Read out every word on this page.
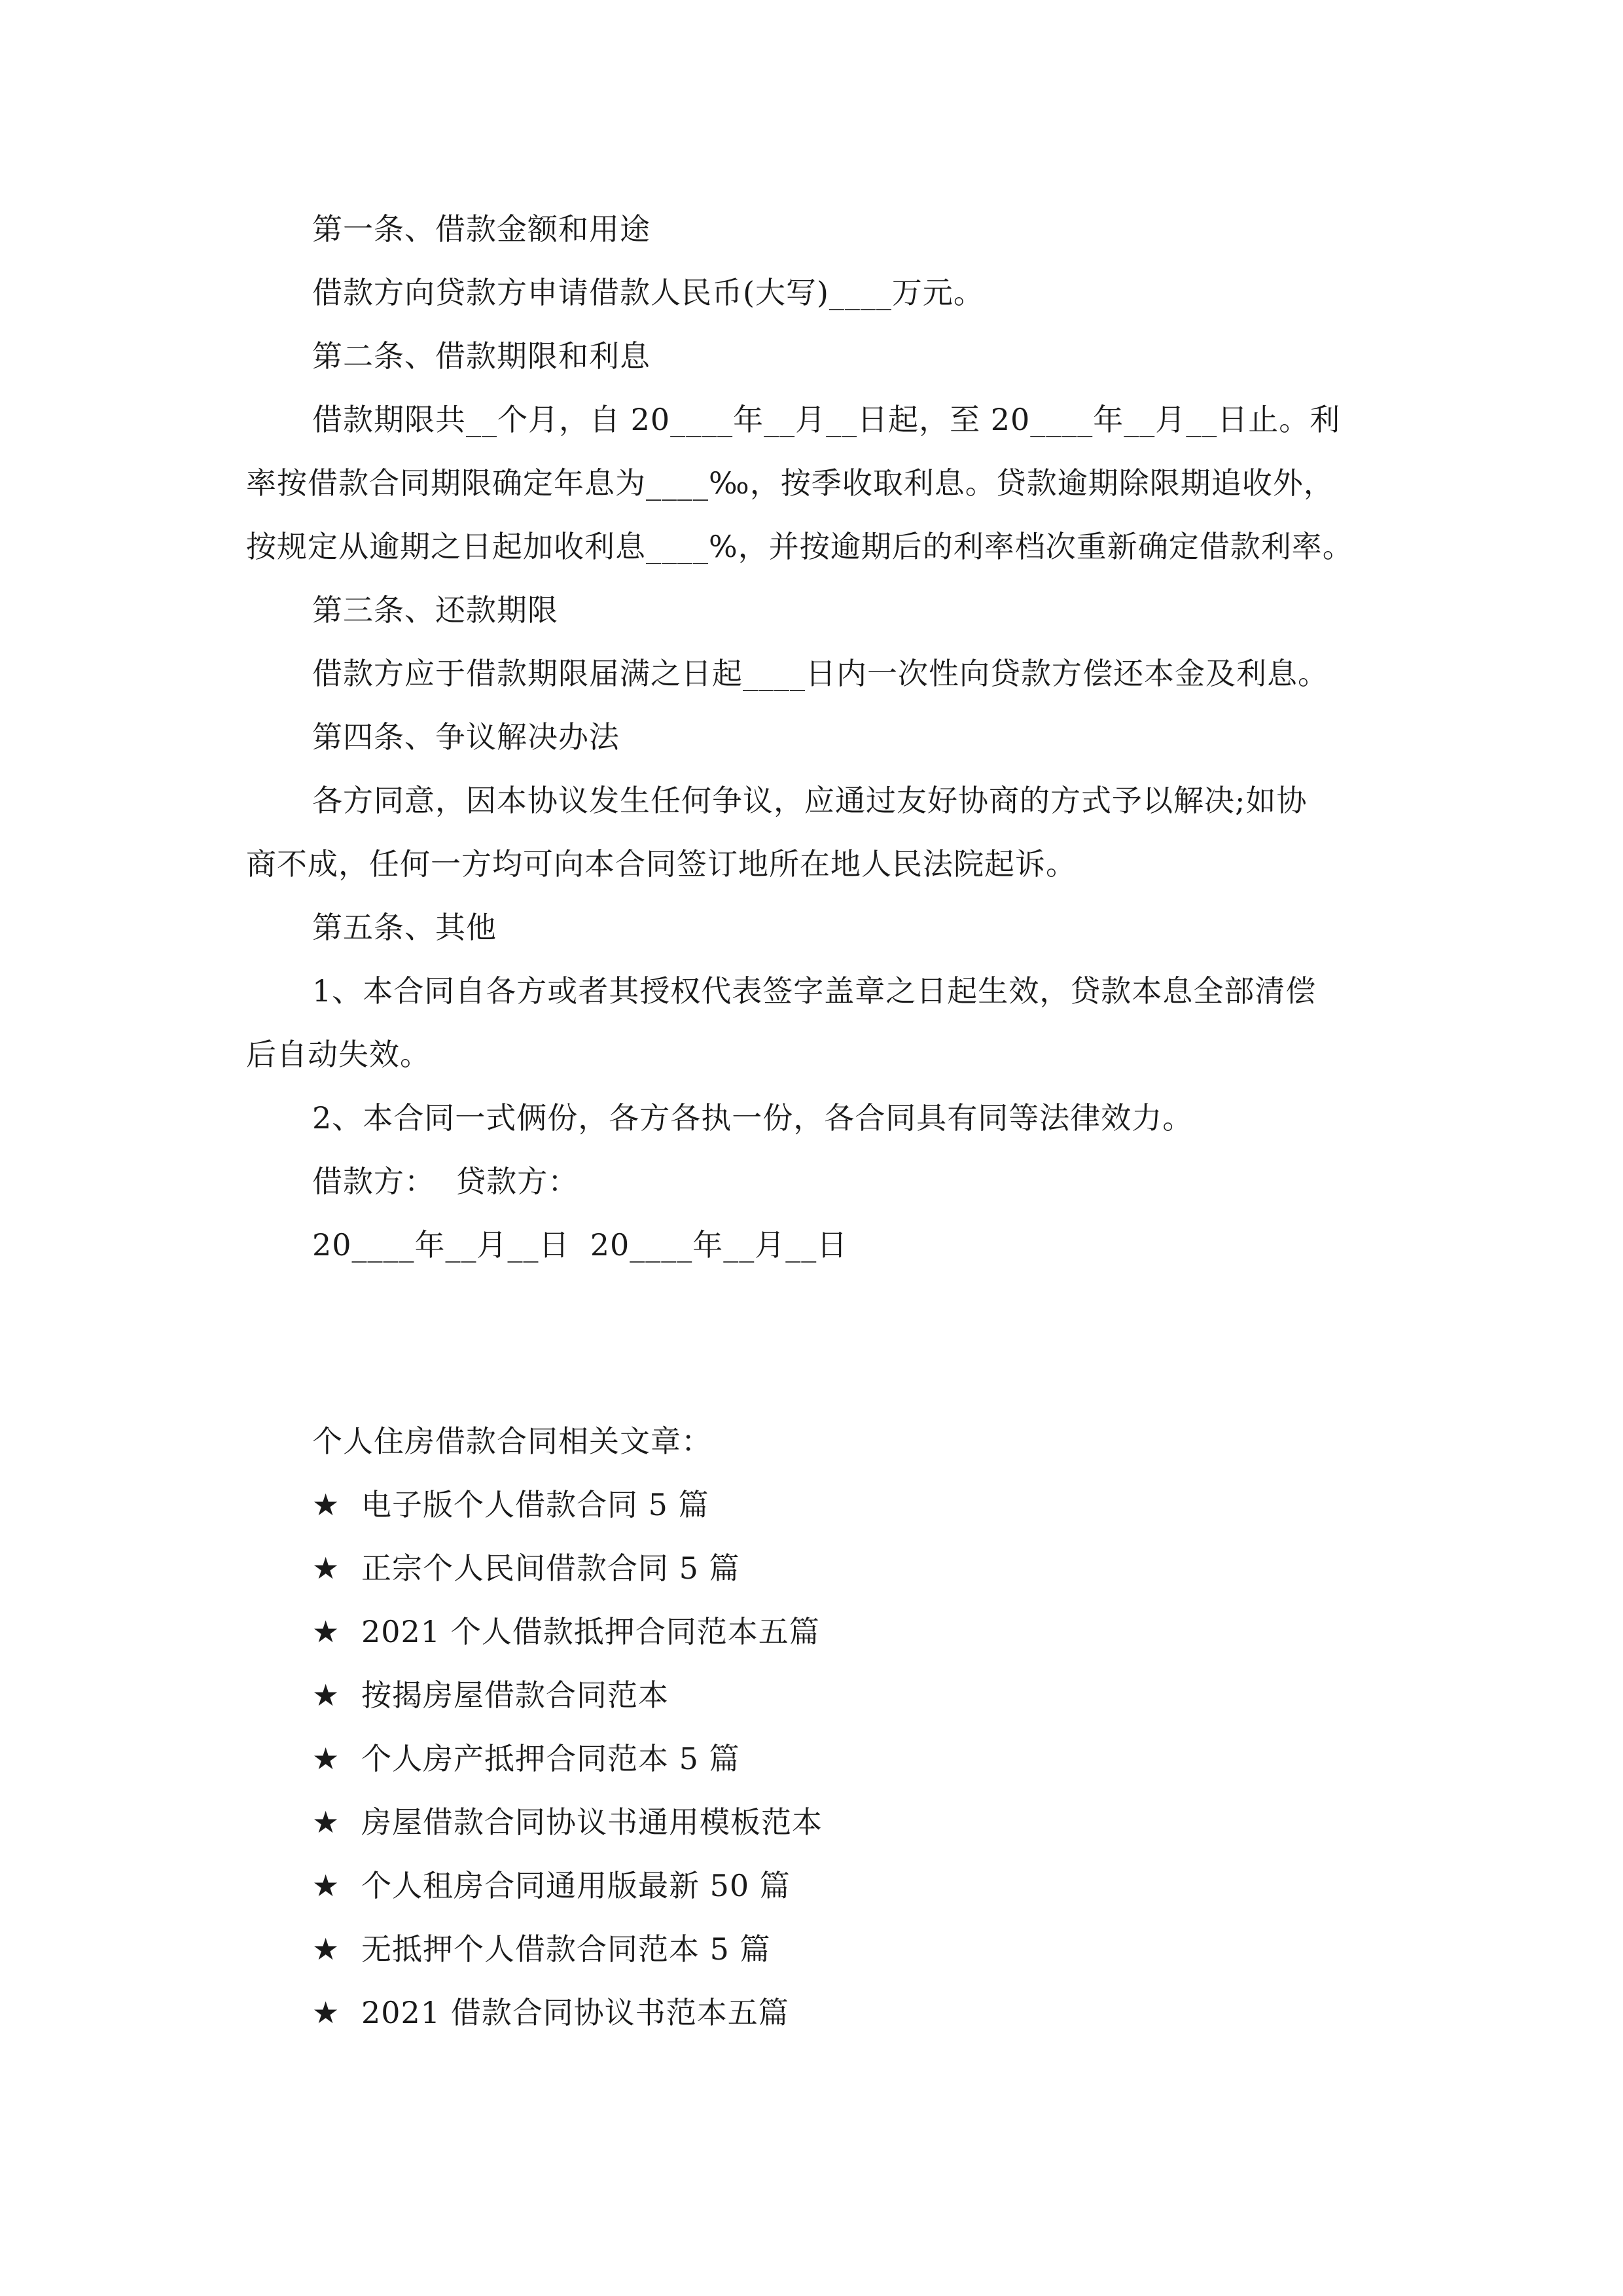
第一条、借款金额和用途
借款方向贷款方申请借款人民币(大写)____万元。
第二条、借款期限和利息
借款期限共__个月，自 20____年__月__日起，至 20____年__月__日止。利
率按借款合同期限确定年息为____‰，按季收取利息。贷款逾期除限期追收外，
按规定从逾期之日起加收利息____%，并按逾期后的利率档次重新确定借款利率。
第三条、还款期限
借款方应于借款期限届满之日起____日内一次性向贷款方偿还本金及利息。
第四条、争议解决办法
各方同意，因本协议发生任何争议，应通过友好协商的方式予以解决;如协
商不成，任何一方均可向本合同签订地所在地人民法院起诉。
第五条、其他
1、本合同自各方或者其授权代表签字盖章之日起生效，贷款本息全部清偿
后自动失效。
2、本合同一式俩份，各方各执一份，各合同具有同等法律效力。
借款方：  贷款方：
20____年__月__日  20____年__月__日
个人住房借款合同相关文章：
★ 电子版个人借款合同 5 篇
★ 正宗个人民间借款合同 5 篇
★ 2021 个人借款抵押合同范本五篇
★ 按揭房屋借款合同范本
★ 个人房产抵押合同范本 5 篇
★ 房屋借款合同协议书通用模板范本
★ 个人租房合同通用版最新 50 篇
★ 无抵押个人借款合同范本 5 篇
★ 2021 借款合同协议书范本五篇
